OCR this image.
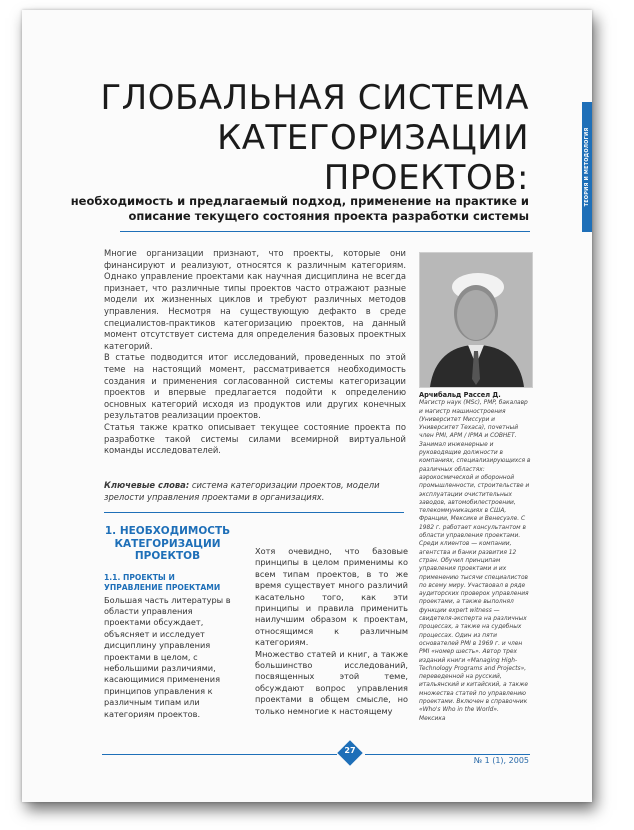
ТЕОРИЯ И МЕТОДОЛОГИЯ
ГЛОБАЛЬНАЯ СИСТЕМА
КАТЕГОРИЗАЦИИ
ПРОЕКТОВ:
необходимость и предлагаемый подход, применение на практике и описание текущего состояния проекта разработки системы

Многие организации признают, что проекты, которые они финансируют и реализуют, относятся к различным категориям. Однако управление проектами как научная дисциплина не всегда признает, что различные типы проектов часто отражают разные модели их жизненных циклов и требуют различных методов управления. Несмотря на существующую дефакто в среде специалистов-практиков категоризацию проектов, на данный момент отсутствует система для определения базовых проектных категорий.

В статье подводится итог исследований, проведенных по этой теме на настоящий момент, рассматривается необходимость создания и применения согласованной системы категоризации проектов и впервые предлагается подойти к определению основных категорий исходя из продуктов или других конечных результатов реализации проектов.

Статья также кратко описывает текущее состояние проекта по разработке такой системы силами всемирной виртуальной команды исследователей.

Ключевые слова: система категоризации проектов, модели зрелости управления проектами в организациях.
Арчибальд Рассел Д.
Магистр наук (MSc), PMP, бакалавр и магистр машиностроения (Университет Миссури и Университет Техаса), почетный член PMI, APM / IPMA и СОВНЕТ. Занимал инженерные и руководящие должности в компаниях, специализирующихся в различных областях: аэрокосмической и оборонной промышленности, строительстве и эксплуатации очистительных заводов, автомобилестроении, телекоммуникациях в США, Франции, Мексике и Венесуэле. С 1982 г. работает консультантом в области управления проектами. Среди клиентов — компании, агентства и банки развития 12 стран. Обучил принципам управления проектами и их применению тысячи специалистов по всему миру. Участвовал в ряде аудиторских проверок управления проектами, а также выполнял функции expert witness — свидетеля-эксперта на различных процессах, а также на судебных процессах. Один из пяти основателей PMI в 1969 г. и член PMI «номер шесть». Автор трех изданий книги «Managing High-Technology Programs and Projects», переведенной на русский, итальянский и китайский, а также множества статей по управлению проектами. Включен в справочник «Who's Who in the World».
Мексика
1. НЕОБХОДИМОСТЬ КАТЕГОРИЗАЦИИ ПРОЕКТОВ
1.1. ПРОЕКТЫ И УПРАВЛЕНИЕ ПРОЕКТАМИ

Большая часть литературы в области управления проектами обсуждает, объясняет и исследует дисциплину управления проектами в целом, с небольшими различиями, касающимися применения принципов управления к различным типам или категориям проектов.

Хотя очевидно, что базовые принципы в целом применимы ко всем типам проектов, в то же время существует много различий касательно того, как эти принципы и правила применить наилучшим образом к проектам, относящимся к различным категориям.

Множество статей и книг, а также большинство исследований, посвященных этой теме, обсуждают вопрос управления проектами в общем смысле, но только немногие к настоящему

27
№ 1 (1), 2005
